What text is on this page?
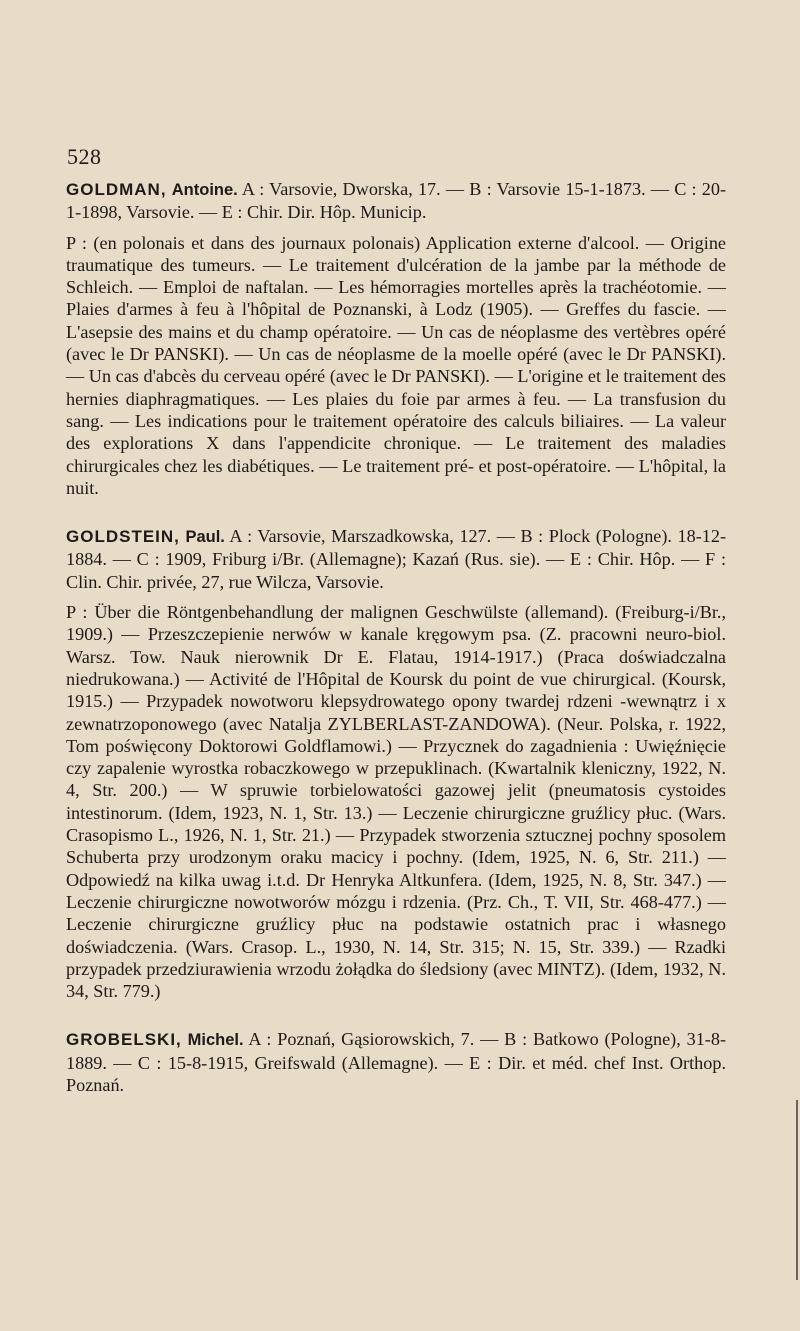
528

GOLDMAN, Antoine. A : Varsovie, Dworska, 17. — B : Varsovie 15-1-1873. — C : 20-1-1898, Varsovie. — E : Chir. Dir. Hôp. Municip.

P : (en polonais et dans des journaux polonais) Application externe d'alcool. — Origine traumatique des tumeurs. — Le traitement d'ulcération de la jambe par la méthode de Schleich. — Emploi de naftalan. — Les hémorragies mortelles après la trachéotomie. — Plaies d'armes à feu à l'hôpital de Poznanski, à Lodz (1905). — Greffes du fascie. — L'asepsie des mains et du champ opératoire. — Un cas de néoplasme des vertèbres opéré (avec le Dr PANSKI). — Un cas de néoplasme de la moelle opéré (avec le Dr PANSKI). — Un cas d'abcès du cerveau opéré (avec le Dr PANSKI). — L'origine et le traitement des hernies diaphragmatiques. — Les plaies du foie par armes à feu. — La transfusion du sang. — Les indications pour le traitement opératoire des calculs biliaires. — La valeur des explorations X dans l'appendicite chronique. — Le traitement des maladies chirurgicales chez les diabétiques. — Le traitement pré- et post-opératoire. — L'hôpital, la nuit.

GOLDSTEIN, Paul. A : Varsovie, Marszadkowska, 127. — B : Plock (Pologne). 18-12-1884. — C : 1909, Friburg i/Br. (Allemagne); Kazań (Rus. sie). — E : Chir. Hôp. — F : Clin. Chir. privée, 27, rue Wilcza, Varsovie.

P : Über die Röntgenbehandlung der malignen Geschwülste (allemand). (Freiburg-i/Br., 1909.) — Przeszczepienie nerwów w kanale kręgowym psa. (Z. pracowni neuro-biol. Warsz. Tow. Nauk nierownik Dr E. Flatau, 1914-1917.) (Praca doświadczalna niedrukowana.) — Activité de l'Hôpital de Koursk du point de vue chirurgical. (Koursk, 1915.) — Przypadek nowotworu klepsydrowatego opony twardej rdzeni -wewnątrz i x zewnatrzoponowego (avec Natalja ZYLBERLAST-ZANDOWA). (Neur. Polska, r. 1922, Tom poświęcony Doktorowi Goldflamowi.) — Przycznek do zagadnienia : Uwięźnięcie czy zapalenie wyrostka robaczkowego w przepuklinach. (Kwartalnik kleniczny, 1922, N. 4, Str. 200.) — W spruwie torbielowatości gazowej jelit (pneumatosis cystoides intestinorum. (Idem, 1923, N. 1, Str. 13.) — Leczenie chirurgiczne gruźlicy płuc. (Wars. Crasopismo L., 1926, N. 1, Str. 21.) — Przypadek stworzenia sztucznej pochny sposolem Schuberta przy urodzonym oraku macicy i pochny. (Idem, 1925, N. 6, Str. 211.) — Odpowiedź na kilka uwag i.t.d. Dr Henryka Altkunfera. (Idem, 1925, N. 8, Str. 347.) — Leczenie chirurgiczne nowotworów mózgu i rdzenia. (Prz. Ch., T. VII, Str. 468-477.) — Leczenie chirurgiczne gruźlicy płuc na podstawie ostatnich prac i własnego doświadczenia. (Wars. Crasop. L., 1930, N. 14, Str. 315; N. 15, Str. 339.) — Rzadki przypadek przedziurawienia wrzodu żołądka do śledsiony (avec MINTZ). (Idem, 1932, N. 34, Str. 779.)

GROBELSKI, Michel. A : Poznań, Gąsiorowskich, 7. — B : Batkowo (Pologne), 31-8-1889. — C : 15-8-1915, Greifswald (Allemagne). — E : Dir. et méd. chef Inst. Orthop. Poznań.
